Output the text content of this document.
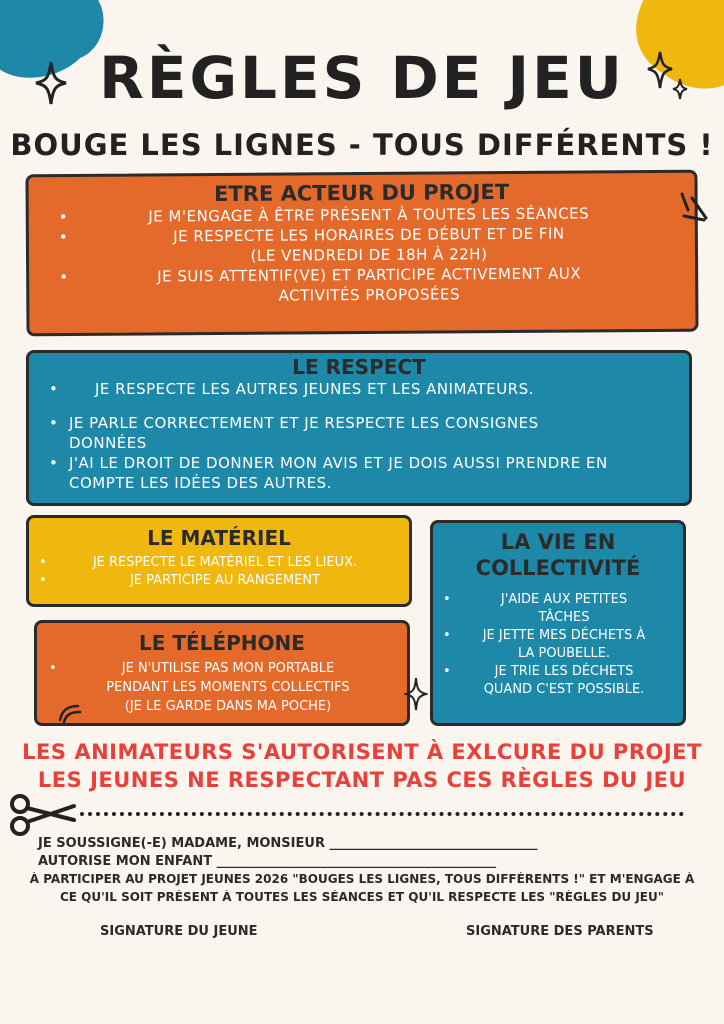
RÈGLES DE JEU
BOUGE LES LIGNES - TOUS DIFFÉRENTS !
ETRE ACTEUR DU PROJET
• JE M'ENGAGE À ÊTRE PRÉSENT À TOUTES LES SÉANCES
• JE RESPECTE LES HORAIRES DE DÉBUT ET DE FIN
(LE VENDREDI DE 18H À 22H)
• JE SUIS ATTENTIF(VE) ET PARTICIPE ACTIVEMENT AUX
ACTIVITÉS PROPOSÉES
LE RESPECT
• JE RESPECTE LES AUTRES JEUNES ET LES ANIMATEURS.
• JE PARLE CORRECTEMENT ET JE RESPECTE LES CONSIGNES
DONNÉES
• J'AI LE DROIT DE DONNER MON AVIS ET JE DOIS AUSSI PRENDRE EN
COMPTE LES IDÉES DES AUTRES.
LE MATÉRIEL
• JE RESPECTE LE MATÉRIEL ET LES LIEUX.
• JE PARTICIPE AU RANGEMENT
LE TÉLÉPHONE
• JE N'UTILISE PAS MON PORTABLE
PENDANT LES MOMENTS COLLECTIFS
(JE LE GARDE DANS MA POCHE)
LA VIE EN
COLLECTIVITÉ
• J'AIDE AUX PETITES
TÂCHES
• JE JETTE MES DÉCHETS À
LA POUBELLE.
• JE TRIE LES DÉCHETS
QUAND C'EST POSSIBLE.
LES ANIMATEURS S'AUTORISENT À EXLCURE DU PROJET
LES JEUNES NE RESPECTANT PAS CES RÈGLES DU JEU
JE SOUSSIGNÉ(-E) MADAME, MONSIEUR ________________________________
AUTORISE MON ENFANT ___________________________________________
À PARTICIPER AU PROJET JEUNES 2026 "BOUGES LES LIGNES, TOUS DIFFÉRENTS !" ET M'ENGAGE À
CE QU'IL SOIT PRÉSENT À TOUTES LES SÉANCES ET QU'IL RESPECTE LES "RÈGLES DU JEU"
SIGNATURE DU JEUNE	SIGNATURE DES PARENTS
